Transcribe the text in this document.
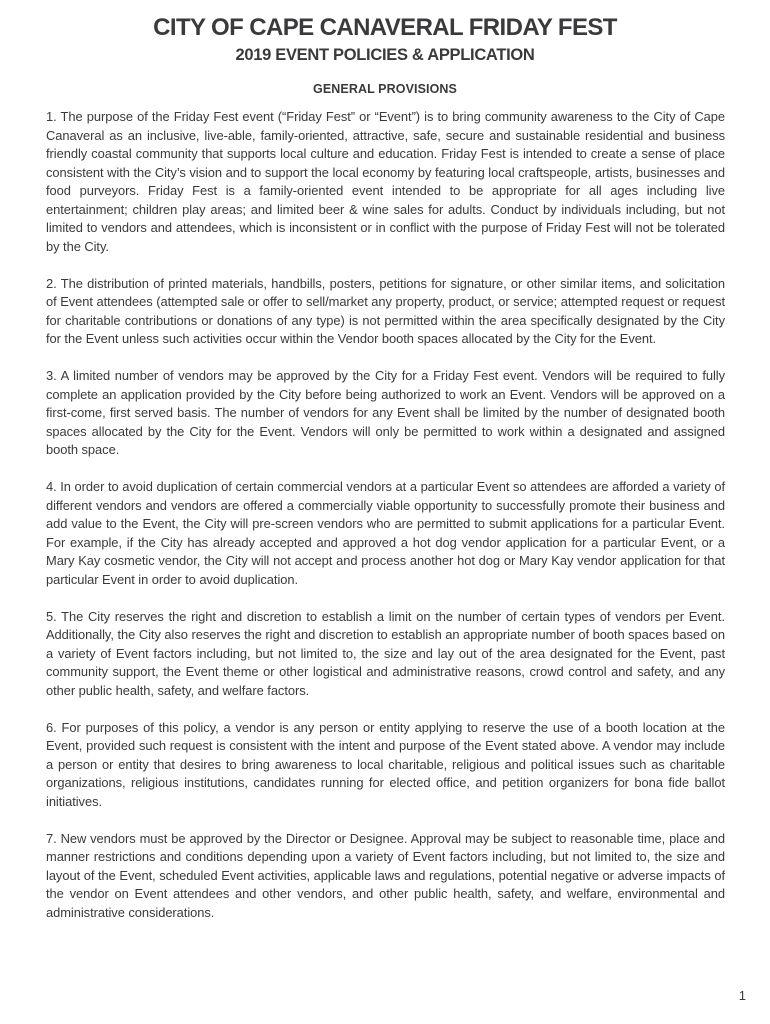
CITY OF CAPE CANAVERAL FRIDAY FEST
2019 EVENT POLICIES & APPLICATION
GENERAL PROVISIONS

1. The purpose of the Friday Fest event (“Friday Fest” or “Event”) is to bring community awareness to the City of Cape Canaveral as an inclusive, live-able, family-oriented, attractive, safe, secure and sustainable residential and business friendly coastal community that supports local culture and education. Friday Fest is intended to create a sense of place consistent with the City’s vision and to support the local economy by featuring local craftspeople, artists, businesses and food purveyors. Friday Fest is a family-oriented event intended to be appropriate for all ages including live entertainment; children play areas; and limited beer & wine sales for adults. Conduct by individuals including, but not limited to vendors and attendees, which is inconsistent or in conflict with the purpose of Friday Fest will not be tolerated by the City.

2. The distribution of printed materials, handbills, posters, petitions for signature, or other similar items, and solicitation of Event attendees (attempted sale or offer to sell/market any property, product, or service; attempted request or request for charitable contributions or donations of any type) is not permitted within the area specifically designated by the City for the Event unless such activities occur within the Vendor booth spaces allocated by the City for the Event.

3. A limited number of vendors may be approved by the City for a Friday Fest event. Vendors will be required to fully complete an application provided by the City before being authorized to work an Event. Vendors will be approved on a first-come, first served basis. The number of vendors for any Event shall be limited by the number of designated booth spaces allocated by the City for the Event. Vendors will only be permitted to work within a designated and assigned booth space.

4. In order to avoid duplication of certain commercial vendors at a particular Event so attendees are afforded a variety of different vendors and vendors are offered a commercially viable opportunity to successfully promote their business and add value to the Event, the City will pre-screen vendors who are permitted to submit applications for a particular Event. For example, if the City has already accepted and approved a hot dog vendor application for a particular Event, or a Mary Kay cosmetic vendor, the City will not accept and process another hot dog or Mary Kay vendor application for that particular Event in order to avoid duplication.

5. The City reserves the right and discretion to establish a limit on the number of certain types of vendors per Event. Additionally, the City also reserves the right and discretion to establish an appropriate number of booth spaces based on a variety of Event factors including, but not limited to, the size and lay out of the area designated for the Event, past community support, the Event theme or other logistical and administrative reasons, crowd control and safety, and any other public health, safety, and welfare factors.

6. For purposes of this policy, a vendor is any person or entity applying to reserve the use of a booth location at the Event, provided such request is consistent with the intent and purpose of the Event stated above. A vendor may include a person or entity that desires to bring awareness to local charitable, religious and political issues such as charitable organizations, religious institutions, candidates running for elected office, and petition organizers for bona fide ballot initiatives.

7. New vendors must be approved by the Director or Designee. Approval may be subject to reasonable time, place and manner restrictions and conditions depending upon a variety of Event factors including, but not limited to, the size and layout of the Event, scheduled Event activities, applicable laws and regulations, potential negative or adverse impacts of the vendor on Event attendees and other vendors, and other public health, safety, and welfare, environmental and administrative considerations.

1
